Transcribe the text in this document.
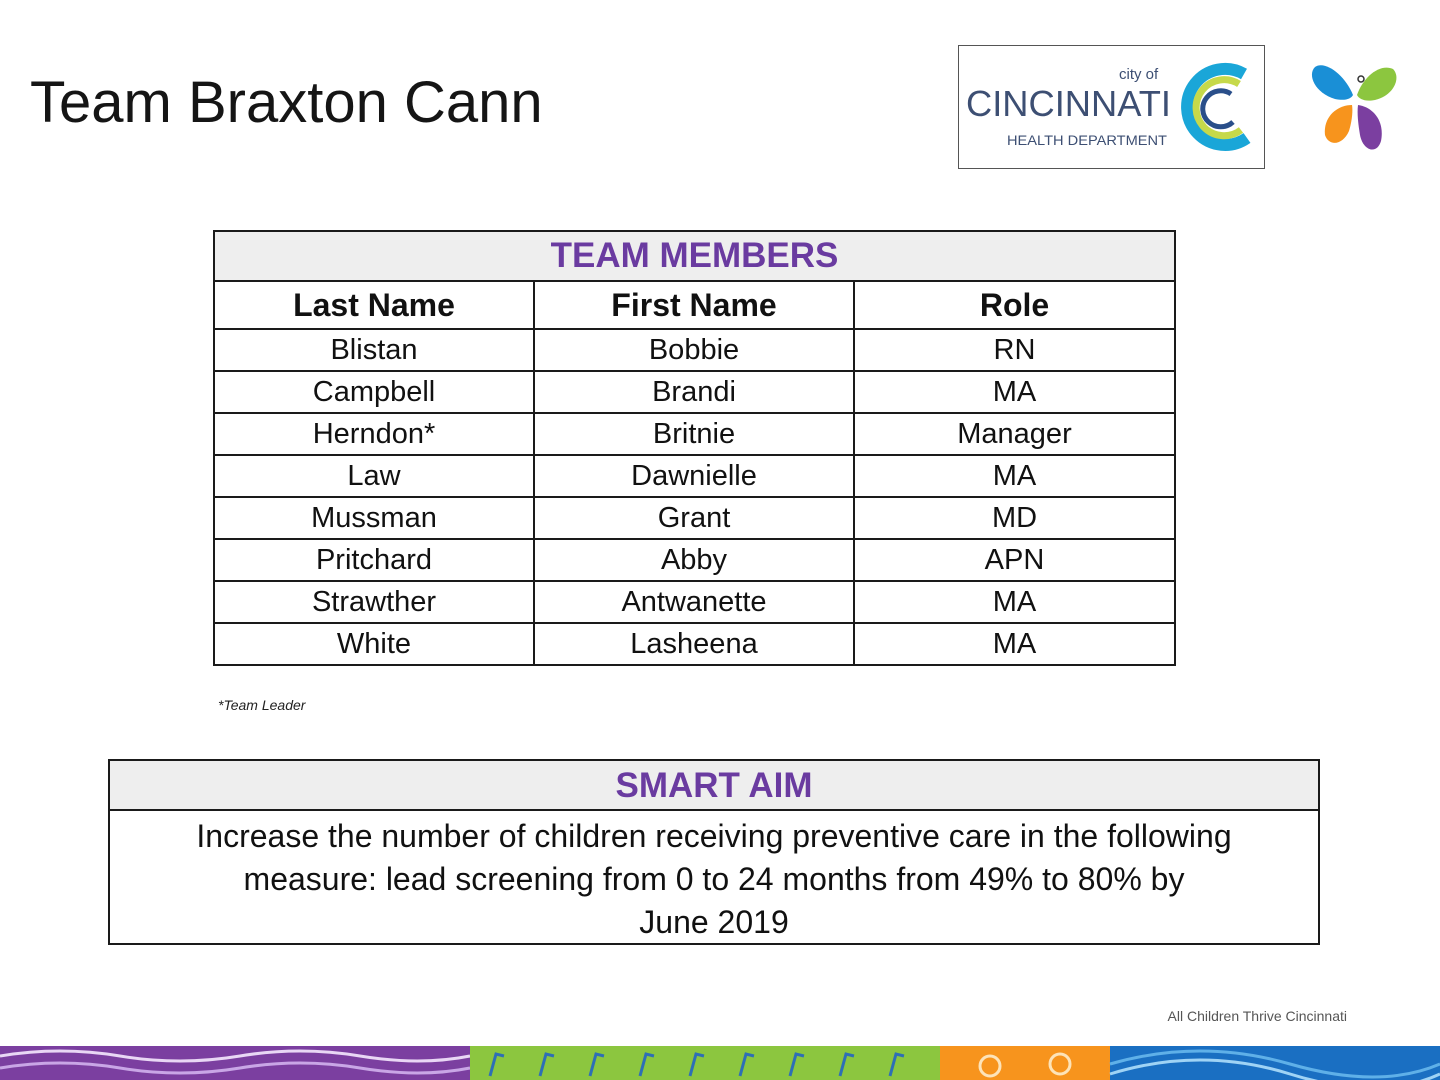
Team Braxton Cann	city of
CINCINNATI
HEALTH DEPARTMENT
TEAM MEMBERS		
Last Name	First Name	Role
Blistan	Bobbie	RN
Campbell	Brandi	MA
Herndon*	Britnie	Manager
Law	Dawnielle	MA
Mussman	Grant	MD
Pritchard	Abby	APN
Strawther	Antwanette	MA
White	Lasheena	MA
*Team Leader
SMART AIM
Increase the number of children receiving preventive care in the following
measure: lead screening from 0 to 24 months from 49% to 80% by
June 2019
All Children Thrive Cincinnati
